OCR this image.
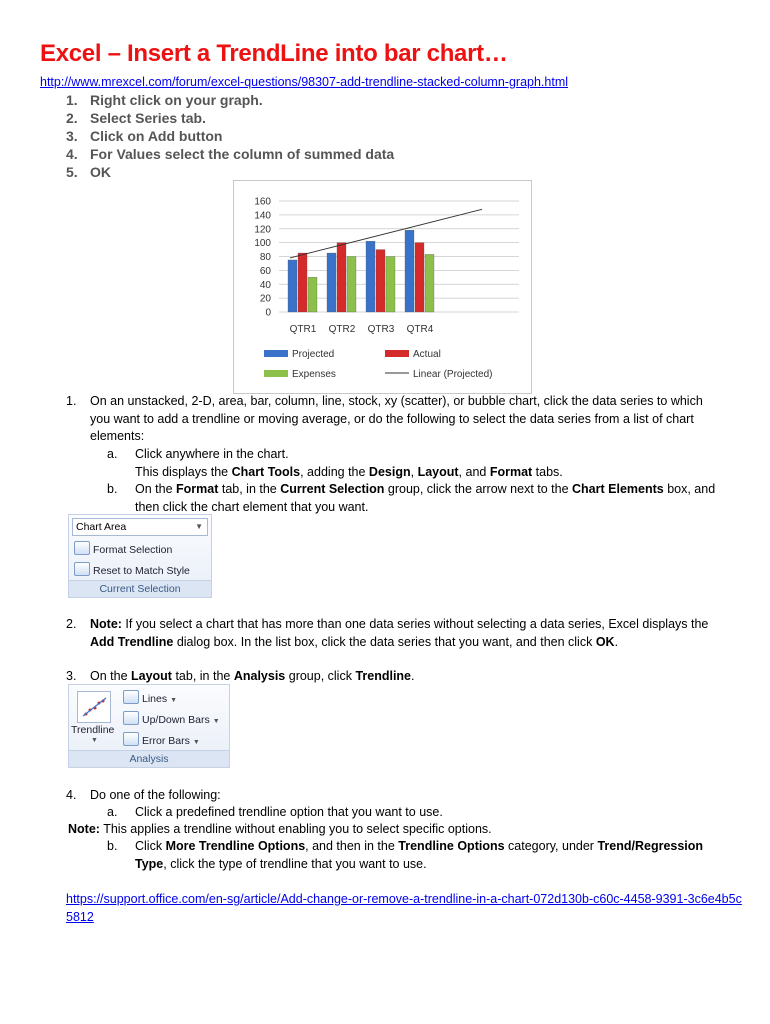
Excel – Insert a TrendLine into bar chart…
http://www.mrexcel.com/forum/excel-questions/98307-add-trendline-stacked-column-graph.html
1. Right click on your graph.
2. Select Series tab.
3. Click on Add button
4. For Values select the column of summed data
5. OK
0
20
40
60
80
100
120
140
160
QTR1 QTR2 QTR3 QTR4
Projected	Actual
Expenses	Linear (Projected)
1. On an unstacked, 2-D, area, bar, column, line, stock, xy (scatter), or bubble chart, click the data series to which you want to add a trendline or moving average, or do the following to select the data series from a list of chart elements:
a. Click anywhere in the chart.
This displays the Chart Tools, adding the Design, Layout, and Format tabs.
b. On the Format tab, in the Current Selection group, click the arrow next to the Chart Elements box, and then click the chart element that you want.
Chart Area	▼
Format Selection
Reset to Match Style
Current Selection
2. Note: If you select a chart that has more than one data series without selecting a data series, Excel displays the Add Trendline dialog box. In the list box, click the data series that you want, and then click OK.
3. On the Layout tab, in the Analysis group, click Trendline.
Trendline
▼
Lines ▼
Up/Down Bars ▼
Error Bars ▼
Analysis
4. Do one of the following:
a. Click a predefined trendline option that you want to use.
Note: This applies a trendline without enabling you to select specific options.
b. Click More Trendline Options, and then in the Trendline Options category, under Trend/Regression Type, click the type of trendline that you want to use.
https://support.office.com/en-sg/article/Add-change-or-remove-a-trendline-in-a-chart-072d130b-c60c-4458-9391-3c6e4b5c5812
